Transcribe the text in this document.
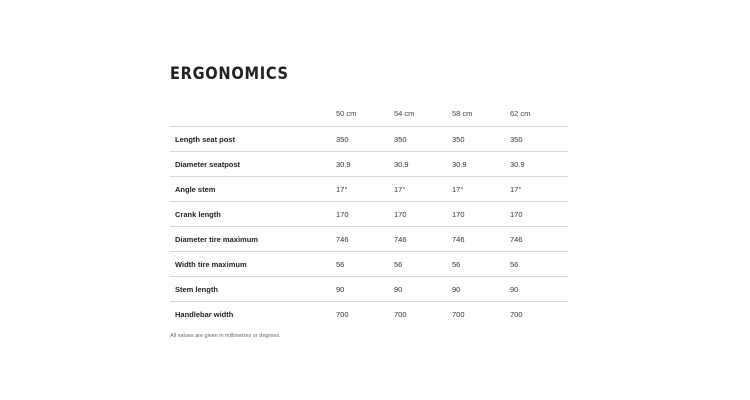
ERGONOMICS
	50 cm	54 cm	58 cm	62 cm
Length seat post	350	350	350	350
Diameter seatpost	30.9	30.9	30.9	30.9
Angle stem	17°	17°	17°	17°
Crank length	170	170	170	170
Diameter tire maximum	746	746	746	746
Width tire maximum	56	56	56	56
Stem length	90	90	90	90
Handlebar width	700	700	700	700
All values are given in millimetres or degrees.
